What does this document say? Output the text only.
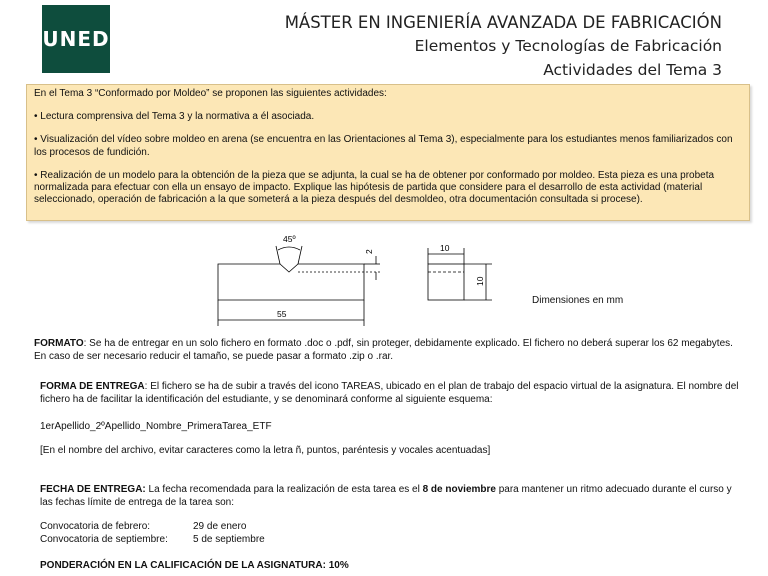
UNED
MÁSTER EN INGENIERÍA AVANZADA DE FABRICACIÓN
Elementos y Tecnologías de Fabricación
Actividades del Tema 3

En el Tema 3 “Conformado por Moldeo” se proponen las siguientes actividades:

• Lectura comprensiva del Tema 3 y la normativa a él asociada.

• Visualización del vídeo sobre moldeo en arena (se encuentra en las Orientaciones al Tema 3), especialmente para los estudiantes menos familiarizados con los procesos de fundición.

• Realización de un modelo para la obtención de la pieza que se adjunta, la cual se ha de obtener por conformado por moldeo. Esta pieza es una probeta normalizada para efectuar con ella un ensayo de impacto. Explique las hipótesis de partida que considere para el desarrollo de esta actividad (material seleccionado, operación de fabricación a la que someterá a la pieza después del desmoldeo, otra documentación consultada si procese).

45º
2
55
10
10
Dimensiones en mm
FORMATO: Se ha de entregar en un solo fichero en formato .doc o .pdf, sin proteger, debidamente explicado. El fichero no deberá superar los 62 megabytes. En caso de ser necesario reducir el tamaño, se puede pasar a formato .zip o .rar.
FORMA DE ENTREGA: El fichero se ha de subir a través del icono TAREAS, ubicado en el plan de trabajo del espacio virtual de la asignatura. El nombre del fichero ha de facilitar la identificación del estudiante, y se denominará conforme al siguiente esquema:
1erApellido_2ºApellido_Nombre_PrimeraTarea_ETF
[En el nombre del archivo, evitar caracteres como la letra ñ, puntos, paréntesis y vocales acentuadas]
FECHA DE ENTREGA: La fecha recomendada para la realización de esta tarea es el 8 de noviembre para mantener un ritmo adecuado durante el curso y las fechas límite de entrega de la tarea son:
Convocatoria de febrero:	29 de enero
Convocatoria de septiembre:	5 de septiembre
PONDERACIÓN EN LA CALIFICACIÓN DE LA ASIGNATURA: 10%
